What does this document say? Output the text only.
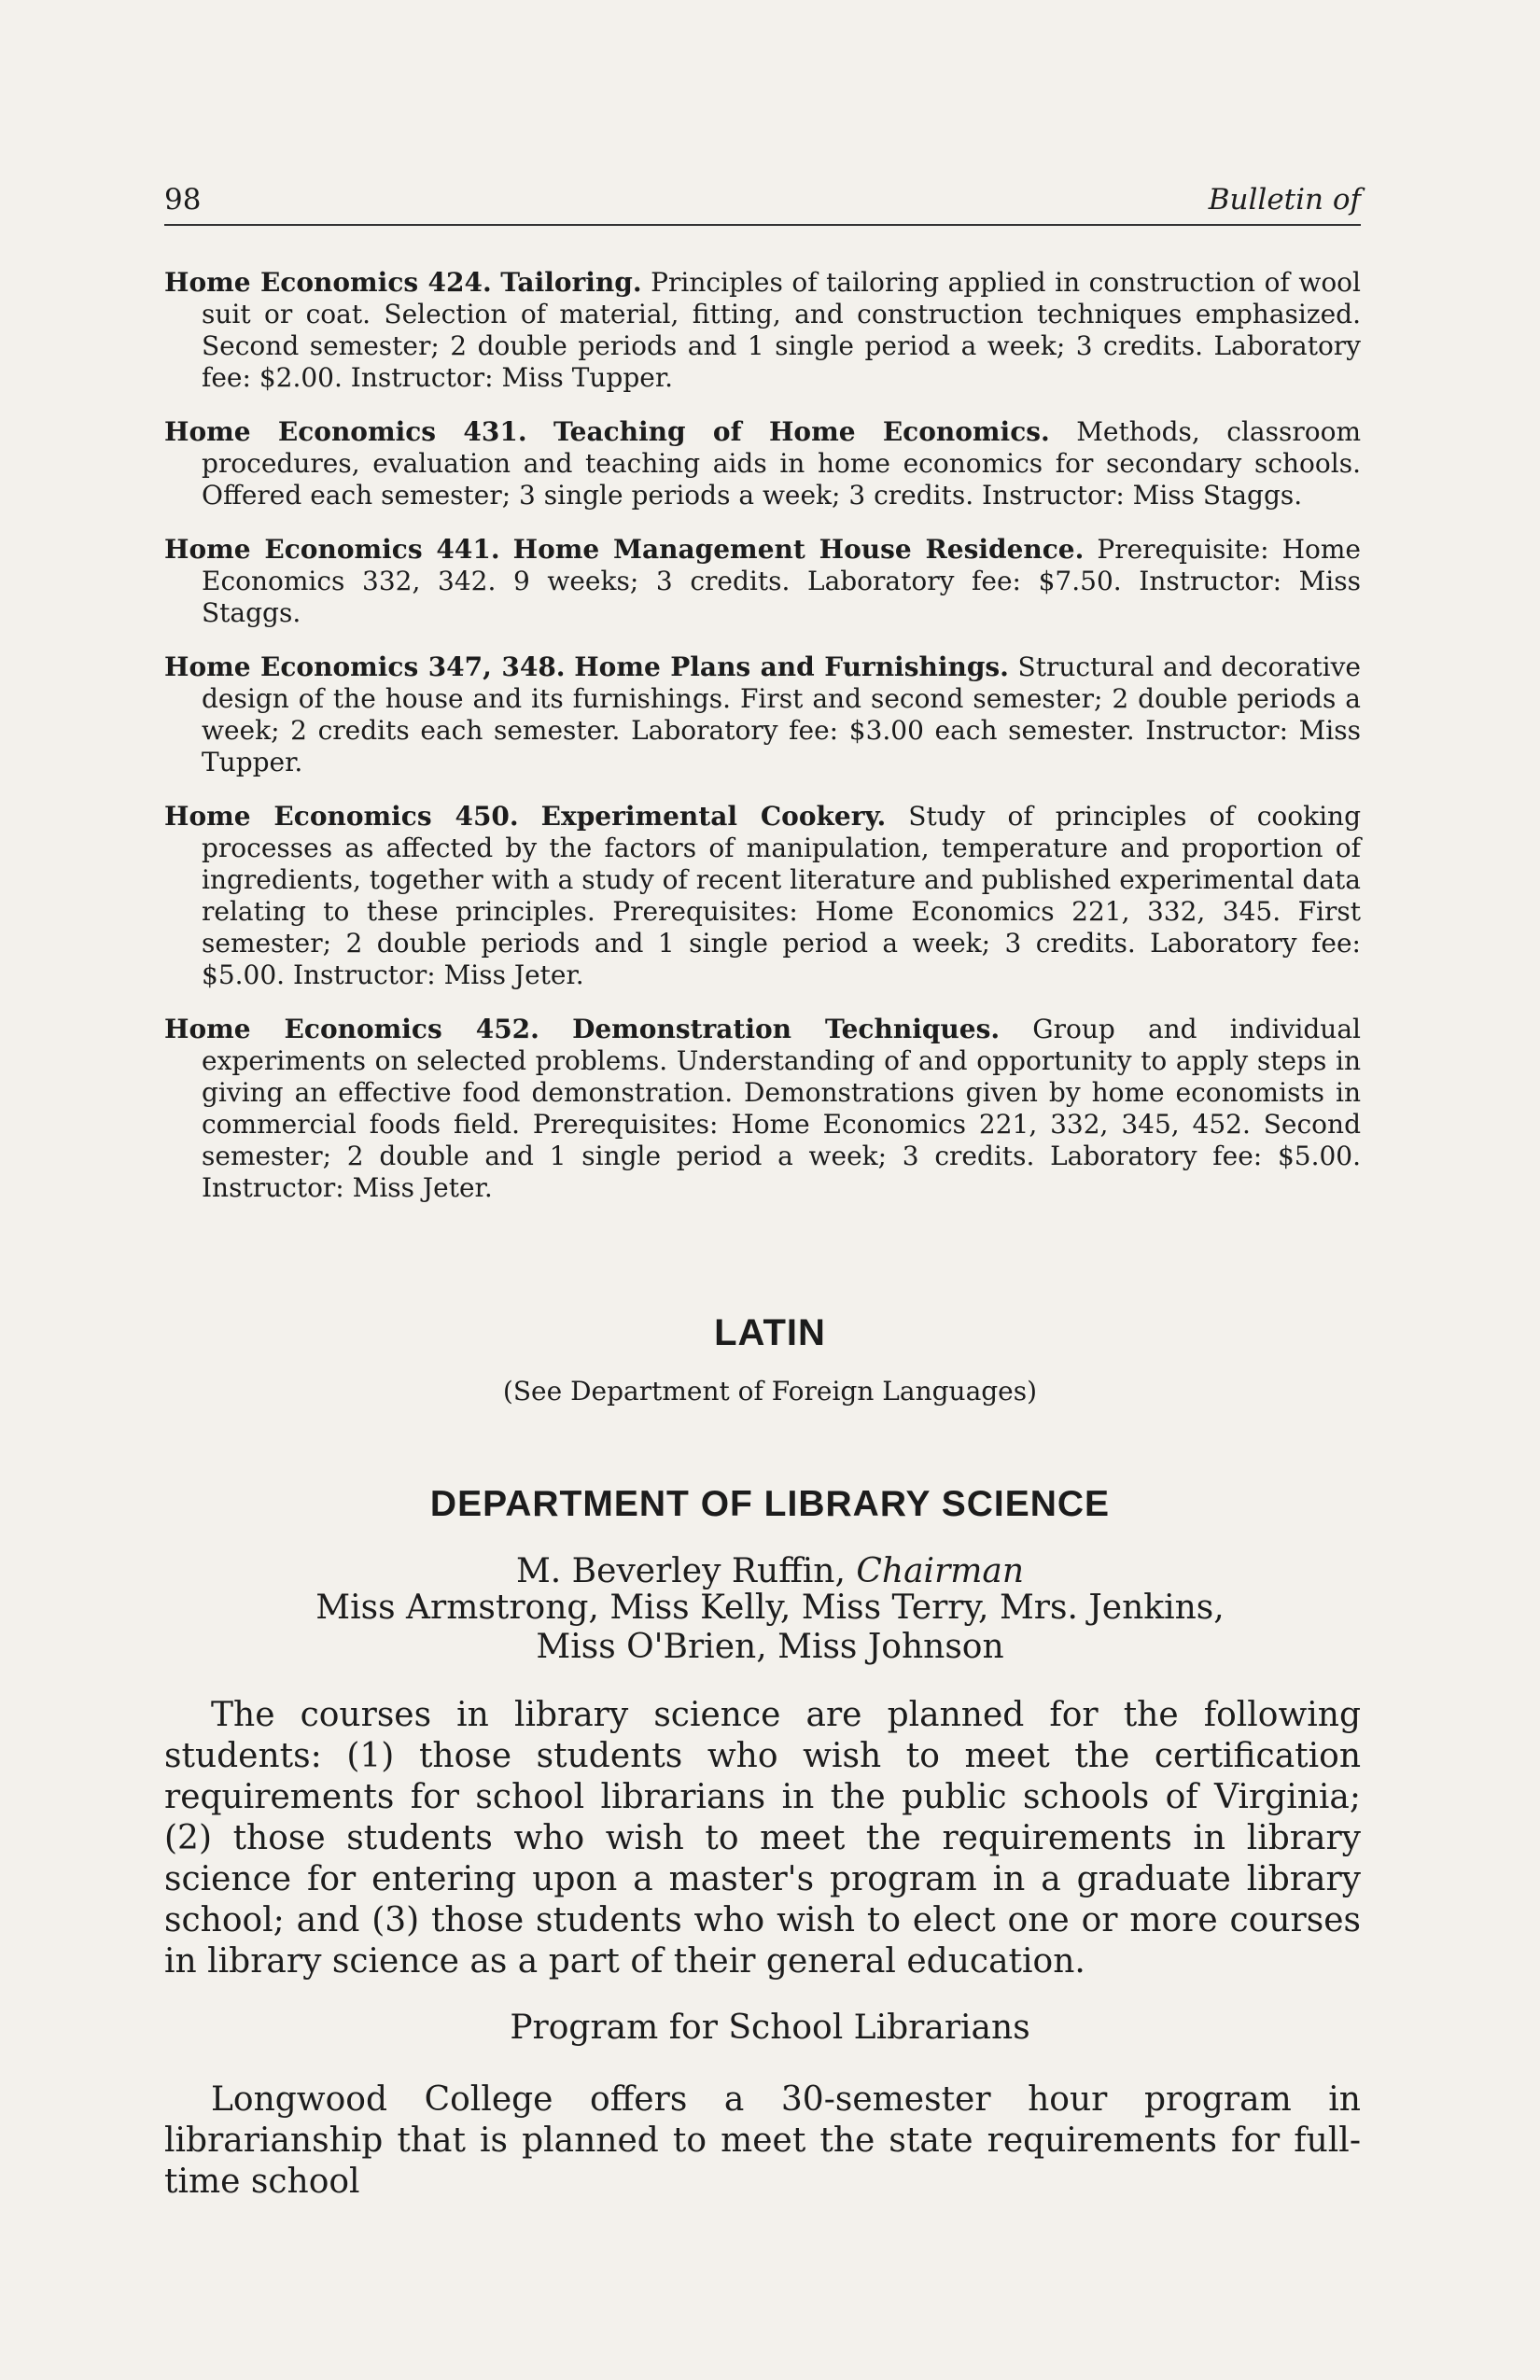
98	Bulletin of

Home Economics 424. Tailoring. Principles of tailoring applied in construction of wool suit or coat. Selection of material, fitting, and construction techniques emphasized. Second semester; 2 double periods and 1 single period a week; 3 credits. Laboratory fee: $2.00. Instructor: Miss Tupper.

Home Economics 431. Teaching of Home Economics. Methods, classroom procedures, evaluation and teaching aids in home economics for secondary schools. Offered each semester; 3 single periods a week; 3 credits. Instructor: Miss Staggs.

Home Economics 441. Home Management House Residence. Prerequisite: Home Economics 332, 342. 9 weeks; 3 credits. Laboratory fee: $7.50. Instructor: Miss Staggs.

Home Economics 347, 348. Home Plans and Furnishings. Structural and decorative design of the house and its furnishings. First and second semester; 2 double periods a week; 2 credits each semester. Laboratory fee: $3.00 each semester. Instructor: Miss Tupper.

Home Economics 450. Experimental Cookery. Study of principles of cooking processes as affected by the factors of manipulation, temperature and proportion of ingredients, together with a study of recent literature and published experimental data relating to these principles. Prerequisites: Home Economics 221, 332, 345. First semester; 2 double periods and 1 single period a week; 3 credits. Laboratory fee: $5.00. Instructor: Miss Jeter.

Home Economics 452. Demonstration Techniques. Group and individual experiments on selected problems. Understanding of and opportunity to apply steps in giving an effective food demonstration. Demonstrations given by home economists in commercial foods field. Prerequisites: Home Economics 221, 332, 345, 452. Second semester; 2 double and 1 single period a week; 3 credits. Laboratory fee: $5.00. Instructor: Miss Jeter.

LATIN
(See Department of Foreign Languages)
DEPARTMENT OF LIBRARY SCIENCE
M. Beverley Ruffin, Chairman
Miss Armstrong, Miss Kelly, Miss Terry, Mrs. Jenkins,
Miss O'Brien, Miss Johnson

The courses in library science are planned for the following students: (1) those students who wish to meet the certification requirements for school librarians in the public schools of Virginia; (2) those students who wish to meet the requirements in library science for entering upon a master's program in a graduate library school; and (3) those students who wish to elect one or more courses in library science as a part of their general education.

Program for School Librarians

Longwood College offers a 30-semester hour program in librarianship that is planned to meet the state requirements for full-time school
